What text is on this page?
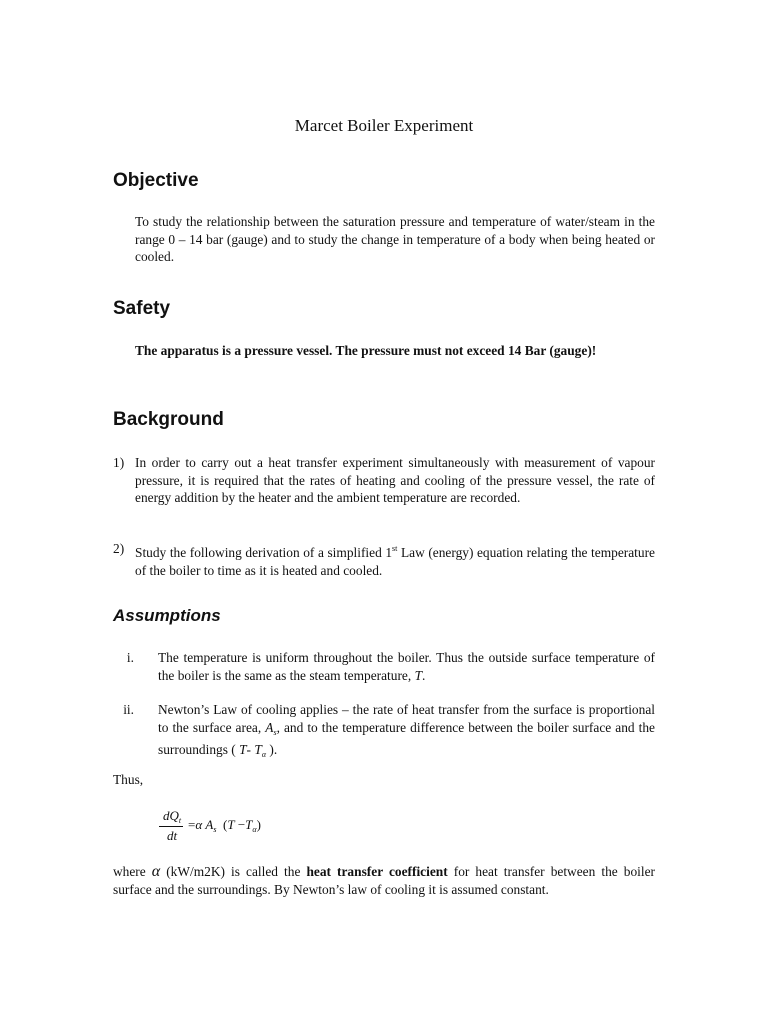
Marcet Boiler Experiment
Objective

To study the relationship between the saturation pressure and temperature of water/steam in the range 0 – 14 bar (gauge) and to study the change in temperature of a body when being heated or cooled.

Safety

The apparatus is a pressure vessel. The pressure must not exceed 14 Bar (gauge)!

Background
1) In order to carry out a heat transfer experiment simultaneously with measurement of vapour pressure, it is required that the rates of heating and cooling of the pressure vessel, the rate of energy addition by the heater and the ambient temperature are recorded.

2) Study the following derivation of a simplified 1st Law (energy) equation relating the temperature of the boiler to time as it is heated and cooled.

Assumptions
i. The temperature is uniform throughout the boiler. Thus the outside surface temperature of the boiler is the same as the steam temperature, T.

ii. Newton’s Law of cooling applies – the rate of heat transfer from the surface is proportional to the surface area, $A_s$, and to the temperature difference between the boiler surface and the surroundings ( T- $T_\alpha$ ).

Thus,

$dQ_t$
dt
=α $A_s$ $(T -T_\alpha)$

where α (kW/m2K) is called the heat transfer coefficient for heat transfer between the boiler surface and the surroundings. By Newton’s law of cooling it is assumed constant.
